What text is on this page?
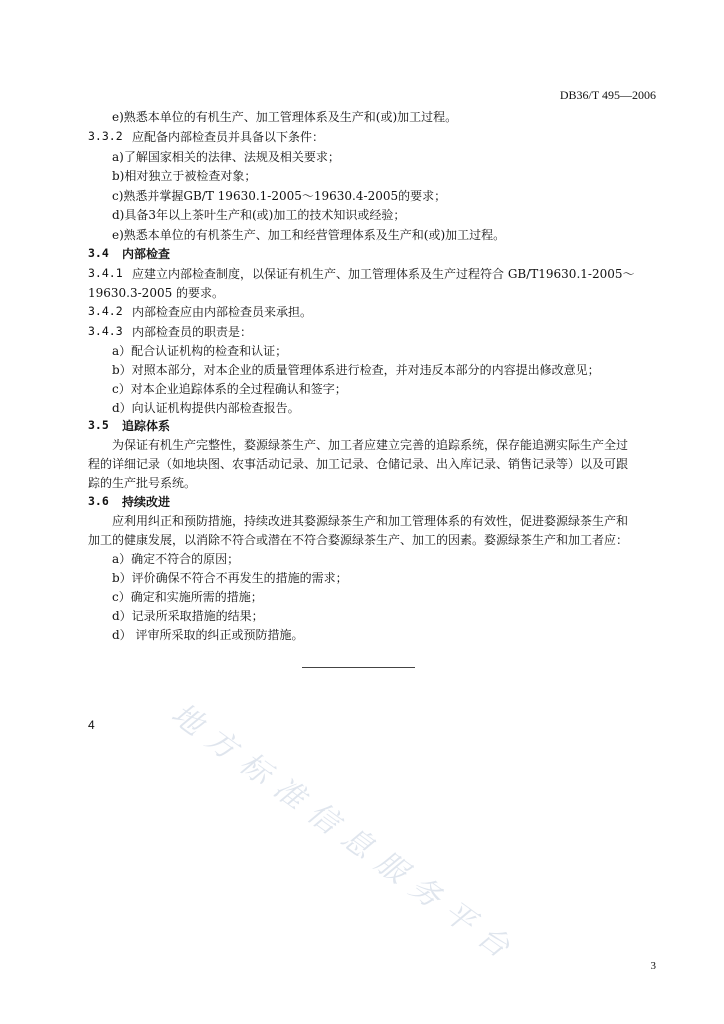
DB36/T 495—2006
e)熟悉本单位的有机生产、加工管理体系及生产和(或)加工过程。
3.3.2 应配备内部检查员并具备以下条件：
a)了解国家相关的法律、法规及相关要求；
b)相对独立于被检查对象；
c)熟悉并掌握GB/T 19630.1-2005～19630.4-2005的要求；
d)具备3年以上茶叶生产和(或)加工的技术知识或经验；
e)熟悉本单位的有机茶生产、加工和经营管理体系及生产和(或)加工过程。
3.4 内部检查
3.4.1 应建立内部检查制度，以保证有机生产、加工管理体系及生产过程符合 GB/T19630.1-2005～
19630.3-2005 的要求。
3.4.2 内部检查应由内部检查员来承担。
3.4.3 内部检查员的职责是：
a）配合认证机构的检查和认证；
b）对照本部分，对本企业的质量管理体系进行检查，并对违反本部分的内容提出修改意见；
c）对本企业追踪体系的全过程确认和签字；
d）向认证机构提供内部检查报告。
3.5 追踪体系
为保证有机生产完整性，婺源绿茶生产、加工者应建立完善的追踪系统，保存能追溯实际生产全过
程的详细记录（如地块图、农事活动记录、加工记录、仓储记录、出入库记录、销售记录等）以及可跟
踪的生产批号系统。
3.6 持续改进
应利用纠正和预防措施，持续改进其婺源绿茶生产和加工管理体系的有效性，促进婺源绿茶生产和
加工的健康发展，以消除不符合或潜在不符合婺源绿茶生产、加工的因素。婺源绿茶生产和加工者应：
a）确定不符合的原因；
b）评价确保不符合不再发生的措施的需求；
c）确定和实施所需的措施；
d）记录所采取措施的结果；
d） 评审所采取的纠正或预防措施。
4
3
地方标准信息服务平台
